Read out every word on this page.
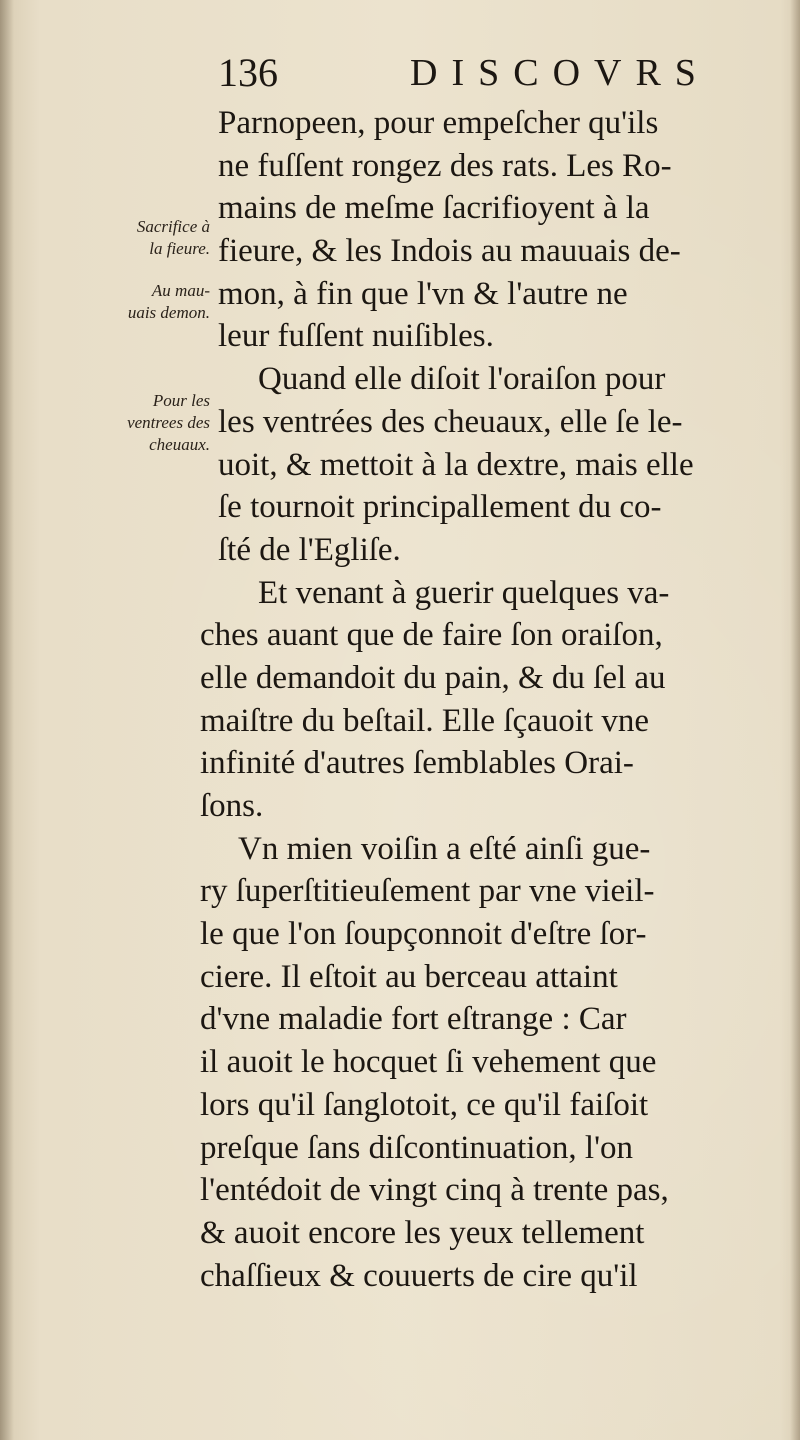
136	DISCOVRS
Sacrifice à
la fieure.
Au mau-
uais demon.
Pour les
ventrees des
cheuaux.
Parnopeen, pour empeſcher qu'ils
ne fuſſent rongez des rats. Les Ro-
mains de meſme ſacrifioyent à la
fieure, & les Indois au mauuais de-
mon, à fin que l'vn & l'autre ne
leur fuſſent nuiſibles.
Quand elle diſoit l'oraiſon pour
les ventrées des cheuaux, elle ſe le-
uoit, & mettoit à la dextre, mais elle
ſe tournoit principallement du co-
ſté de l'Egliſe.
Et venant à guerir quelques va-
ches auant que de faire ſon oraiſon,
elle demandoit du pain, & du ſel au
maiſtre du beſtail. Elle ſçauoit vne
infinité d'autres ſemblables Orai-
ſons.
Vn mien voiſin a eſté ainſi gue-
ry ſuperſtitieuſement par vne vieil-
le que l'on ſoupçonnoit d'eſtre ſor-
ciere. Il eſtoit au berceau attaint
d'vne maladie fort eſtrange : Car
il auoit le hocquet ſi vehement que
lors qu'il ſanglotoit, ce qu'il faiſoit
preſque ſans diſcontinuation, l'on
l'entédoit de vingt cinq à trente pas,
& auoit encore les yeux tellement
chaſſieux & couuerts de cire qu'il
